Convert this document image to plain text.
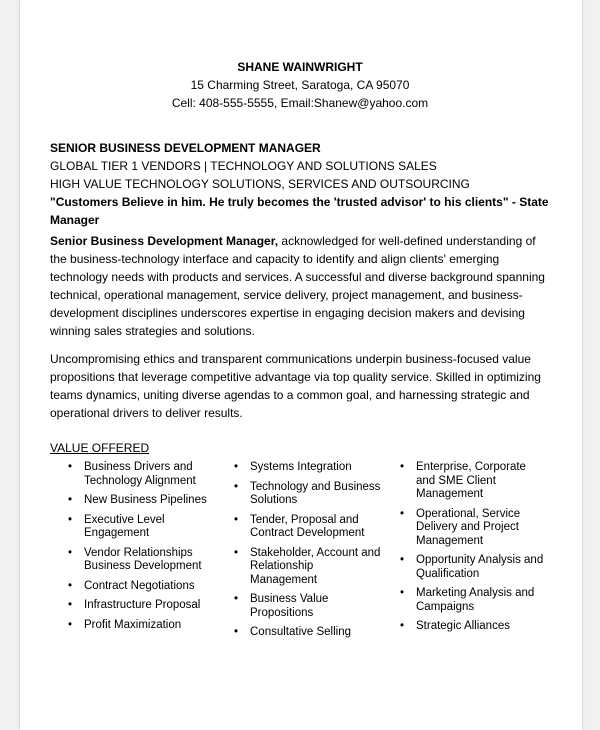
SHANE WAINWRIGHT

15 Charming Street, Saratoga, CA 95070

Cell: 408-555-5555, Email:Shanew@yahoo.com

SENIOR BUSINESS DEVELOPMENT MANAGER

GLOBAL TIER 1 VENDORS | TECHNOLOGY AND SOLUTIONS SALES

HIGH VALUE TECHNOLOGY SOLUTIONS, SERVICES AND OUTSOURCING

"Customers Believe in him. He truly becomes the 'trusted advisor' to his clients" - State Manager

Senior Business Development Manager, acknowledged for well-defined understanding of the business-technology interface and capacity to identify and align clients' emerging technology needs with products and services. A successful and diverse background spanning technical, operational management, service delivery, project management, and business-development disciplines underscores expertise in engaging decision makers and devising winning sales strategies and solutions.

Uncompromising ethics and transparent communications underpin business-focused value propositions that leverage competitive advantage via top quality service. Skilled in optimizing teams dynamics, uniting diverse agendas to a common goal, and harnessing strategic and operational drivers to deliver results.

VALUE OFFERED

• Business Drivers and Technology Alignment
• New Business Pipelines
• Executive Level Engagement
• Vendor Relationships Business Development
• Contract Negotiations
• Infrastructure Proposal
• Profit Maximization
• Systems Integration
• Technology and Business Solutions
• Tender, Proposal and Contract Development
• Stakeholder, Account and Relationship Management
• Business Value Propositions
• Consultative Selling
• Enterprise, Corporate and SME Client Management
• Operational, Service Delivery and Project Management
• Opportunity Analysis and Qualification
• Marketing Analysis and Campaigns
• Strategic Alliances
